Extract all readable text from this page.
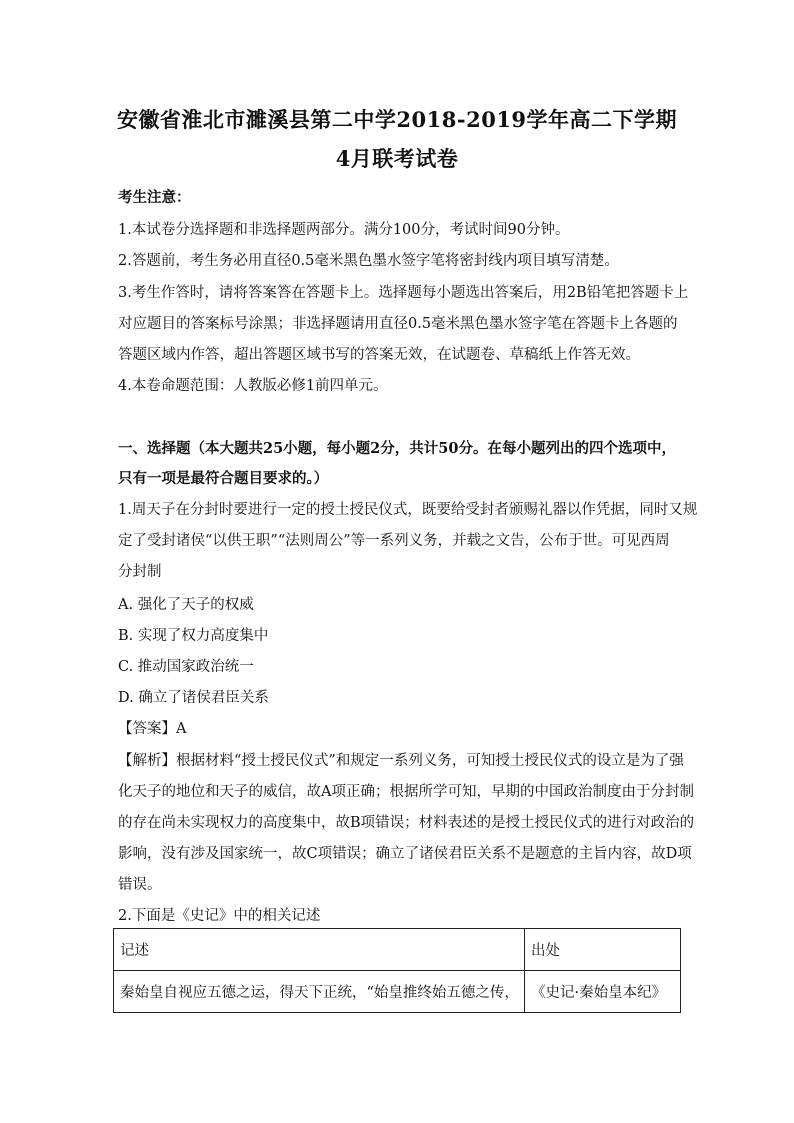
安徽省淮北市濉溪县第二中学2018-2019学年高二下学期
4月联考试卷
考生注意：
1.本试卷分选择题和非选择题两部分。满分100分，考试时间90分钟。
2.答题前，考生务必用直径0.5毫米黑色墨水签字笔将密封线内项目填写清楚。
3.考生作答时，请将答案答在答题卡上。选择题每小题选出答案后，用2B铅笔把答题卡上
对应题目的答案标号涂黑；非选择题请用直径0.5毫米黑色墨水签字笔在答题卡上各题的
答题区域内作答，超出答题区域书写的答案无效，在试题卷、草稿纸上作答无效。
4.本卷命题范围：人教版必修1前四单元。
一、选择题（本大题共25小题，每小题2分，共计50分。在每小题列出的四个选项中，
只有一项是最符合题目要求的。）
1.周天子在分封时要进行一定的授土授民仪式，既要给受封者颁赐礼器以作凭据，同时又规
定了受封诸侯“以供王职”“法则周公”等一系列义务，并载之文告，公布于世。可见西周
分封制
A. 强化了天子的权威
B. 实现了权力高度集中
C. 推动国家政治统一
D. 确立了诸侯君臣关系
【答案】A
【解析】根据材料“授土授民仪式”和规定一系列义务，可知授土授民仪式的设立是为了强
化天子的地位和天子的威信，故A项正确；根据所学可知，早期的中国政治制度由于分封制
的存在尚未实现权力的高度集中，故B项错误；材料表述的是授土授民仪式的进行对政治的
影响，没有涉及国家统一，故C项错误；确立了诸侯君臣关系不是题意的主旨内容，故D项
错误。
2.下面是《史记》中的相关记述
记述	出处
秦始皇自视应五德之运，得天下正统，“始皇推终始五德之传，	《史记·秦始皇本纪》
